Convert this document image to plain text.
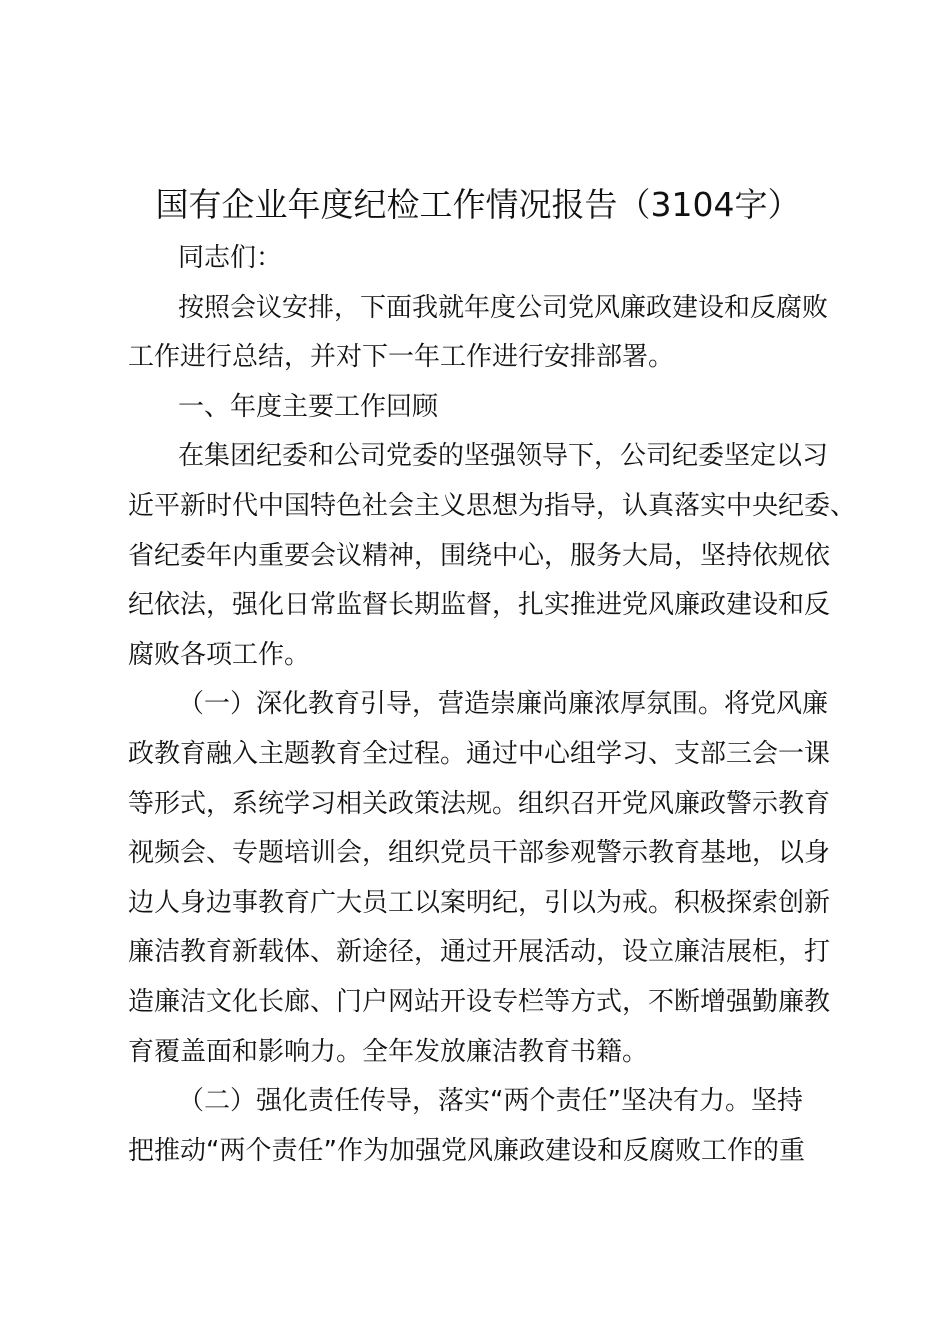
国有企业年度纪检工作情况报告（3104字）
同志们：
按照会议安排，下面我就年度公司党风廉政建设和反腐败
工作进行总结，并对下一年工作进行安排部署。
一、年度主要工作回顾
在集团纪委和公司党委的坚强领导下，公司纪委坚定以习
近平新时代中国特色社会主义思想为指导，认真落实中央纪委、
省纪委年内重要会议精神，围绕中心，服务大局，坚持依规依
纪依法，强化日常监督长期监督，扎实推进党风廉政建设和反
腐败各项工作。
（一）深化教育引导，营造崇廉尚廉浓厚氛围。将党风廉
政教育融入主题教育全过程。通过中心组学习、支部三会一课
等形式，系统学习相关政策法规。组织召开党风廉政警示教育
视频会、专题培训会，组织党员干部参观警示教育基地，以身
边人身边事教育广大员工以案明纪，引以为戒。积极探索创新
廉洁教育新载体、新途径，通过开展活动，设立廉洁展柜，打
造廉洁文化长廊、门户网站开设专栏等方式，不断增强勤廉教
育覆盖面和影响力。全年发放廉洁教育书籍。
（二）强化责任传导，落实“两个责任”坚决有力。坚持
把推动“两个责任”作为加强党风廉政建设和反腐败工作的重
